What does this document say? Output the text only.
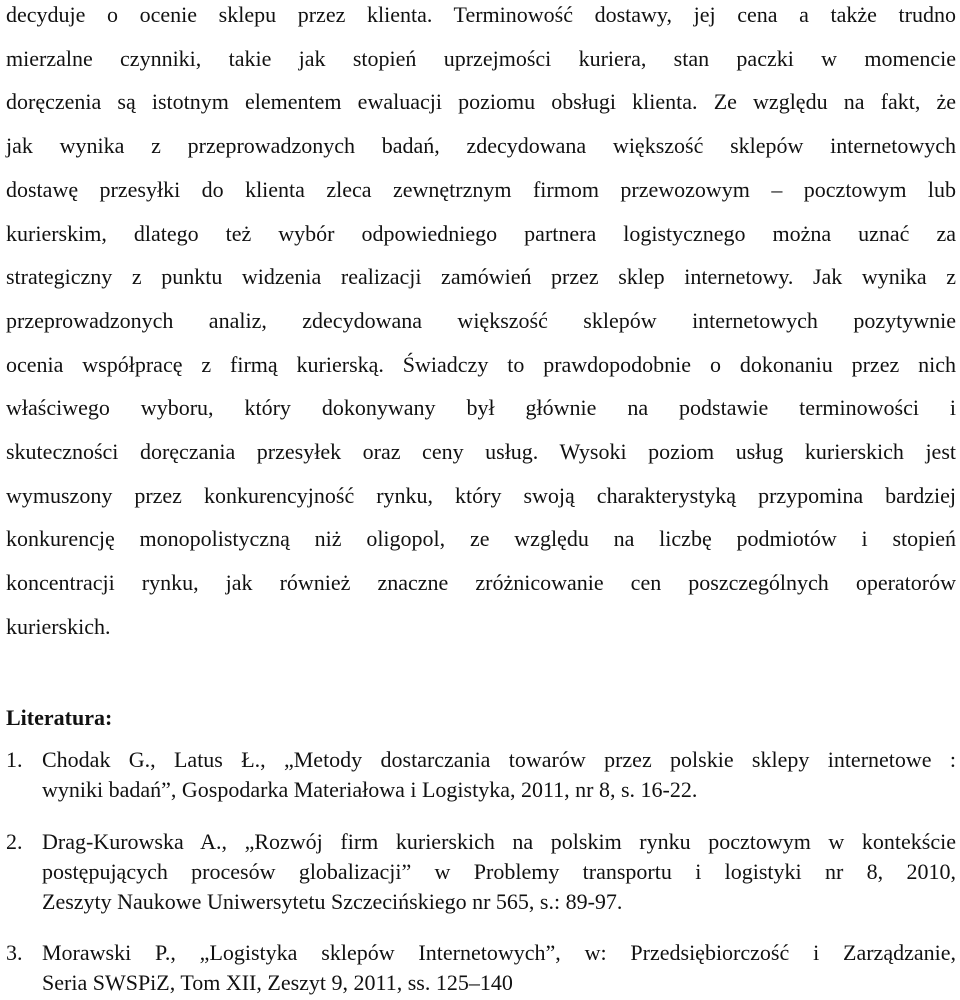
decyduje o ocenie sklepu przez klienta. Terminowość dostawy, jej cena a także trudno
mierzalne czynniki, takie jak stopień uprzejmości kuriera, stan paczki w momencie
doręczenia są istotnym elementem ewaluacji poziomu obsługi klienta. Ze względu na fakt, że
jak wynika z przeprowadzonych badań, zdecydowana większość sklepów internetowych
dostawę przesyłki do klienta zleca zewnętrznym firmom przewozowym – pocztowym lub
kurierskim, dlatego też wybór odpowiedniego partnera logistycznego można uznać za
strategiczny z punktu widzenia realizacji zamówień przez sklep internetowy. Jak wynika z
przeprowadzonych analiz, zdecydowana większość sklepów internetowych pozytywnie
ocenia współpracę z firmą kurierską. Świadczy to prawdopodobnie o dokonaniu przez nich
właściwego wyboru, który dokonywany był głównie na podstawie terminowości i
skuteczności doręczania przesyłek oraz ceny usług. Wysoki poziom usług kurierskich jest
wymuszony przez konkurencyjność rynku, który swoją charakterystyką przypomina bardziej
konkurencję monopolistyczną niż oligopol, ze względu na liczbę podmiotów i stopień
koncentracji rynku, jak również znaczne zróżnicowanie cen poszczególnych operatorów
kurierskich.

Literatura:
1. Chodak G., Latus Ł., „Metody dostarczania towarów przez polskie sklepy internetowe :
wyniki badań”, Gospodarka Materiałowa i Logistyka, 2011, nr 8, s. 16-22.
2. Drag-Kurowska A., „Rozwój firm kurierskich na polskim rynku pocztowym w kontekście
postępujących procesów globalizacji” w Problemy transportu i logistyki nr 8, 2010,
Zeszyty Naukowe Uniwersytetu Szczecińskiego nr 565, s.: 89-97.
3. Morawski P., „Logistyka sklepów Internetowych”, w: Przedsiębiorczość i Zarządzanie,
Seria SWSPiZ, Tom XII, Zeszyt 9, 2011, ss. 125–140
